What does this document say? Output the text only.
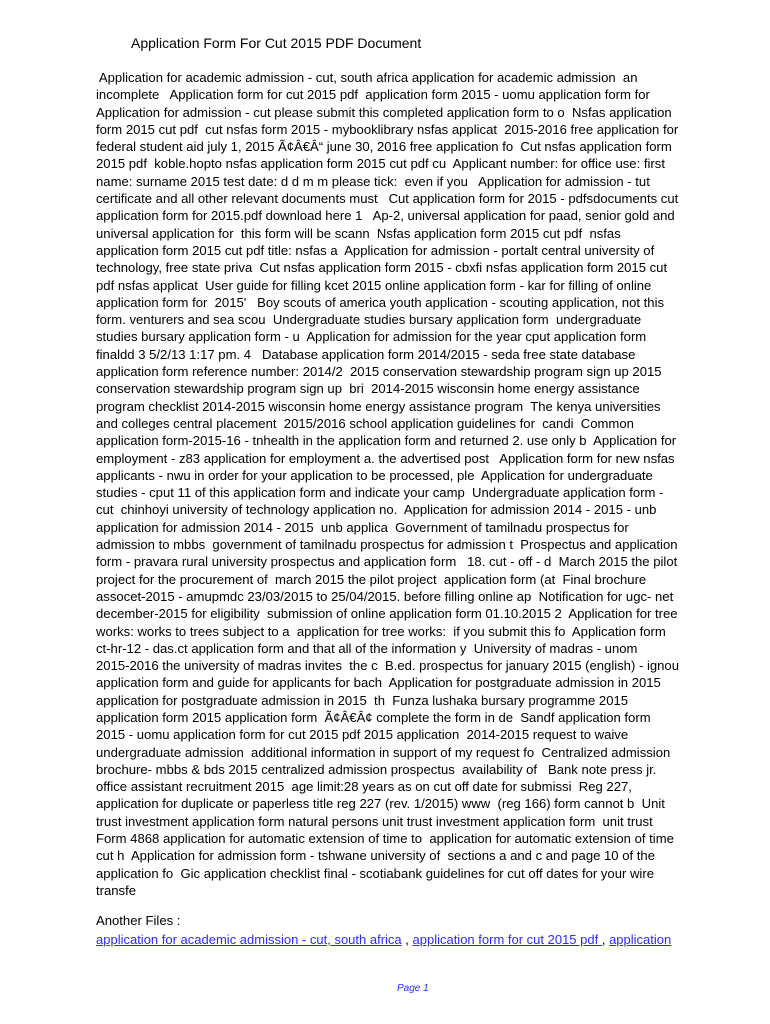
Application Form For Cut 2015 PDF Document
Application for academic admission - cut, south africa application for academic admission  an
incomplete   Application form for cut 2015 pdf  application form 2015 - uomu application form for
Application for admission - cut please submit this completed application form to o  Nsfas application
form 2015 cut pdf  cut nsfas form 2015 - mybooklibrary nsfas applicat  2015-2016 free application for
federal student aid july 1, 2015 Ã¢Â€Â“ june 30, 2016 free application fo  Cut nsfas application form
2015 pdf  koble.hopto nsfas application form 2015 cut pdf cu  Applicant number: for office use: first
name: surname 2015 test date: d d m m please tick:  even if you   Application for admission - tut
certificate and all other relevant documents must   Cut application form for 2015 - pdfsdocuments cut
application form for 2015.pdf download here 1   Ap-2, universal application for paad, senior gold and
universal application for  this form will be scann  Nsfas application form 2015 cut pdf  nsfas
application form 2015 cut pdf title: nsfas a  Application for admission - portalt central university of
technology, free state priva  Cut nsfas application form 2015 - cbxfi nsfas application form 2015 cut
pdf nsfas applicat  User guide for filling kcet 2015 online application form - kar for filling of online
application form for  2015'   Boy scouts of america youth application - scouting application, not this
form. venturers and sea scou  Undergraduate studies bursary application form  undergraduate
studies bursary application form - u  Application for admission for the year cput application form
finaldd 3 5/2/13 1:17 pm. 4   Database application form 2014/2015 - seda free state database
application form reference number: 2014/2  2015 conservation stewardship program sign up 2015
conservation stewardship program sign up  bri  2014-2015 wisconsin home energy assistance
program checklist 2014-2015 wisconsin home energy assistance program  The kenya universities
and colleges central placement  2015/2016 school application guidelines for  candi  Common
application form-2015-16 - tnhealth in the application form and returned 2. use only b  Application for
employment - z83 application for employment a. the advertised post   Application form for new nsfas
applicants - nwu in order for your application to be processed, ple  Application for undergraduate
studies - cput 11 of this application form and indicate your camp  Undergraduate application form -
cut  chinhoyi university of technology application no.  Application for admission 2014 - 2015 - unb
application for admission 2014 - 2015  unb applica  Government of tamilnadu prospectus for
admission to mbbs  government of tamilnadu prospectus for admission t  Prospectus and application
form - pravara rural university prospectus and application form   18. cut - off - d  March 2015 the pilot
project for the procurement of  march 2015 the pilot project  application form (at  Final brochure
assocet-2015 - amupmdc 23/03/2015 to 25/04/2015. before filling online ap  Notification for ugc- net
december-2015 for eligibility  submission of online application form 01.10.2015 2  Application for tree
works: works to trees subject to a  application for tree works:  if you submit this fo  Application form
ct-hr-12 - das.ct application form and that all of the information y  University of madras - unom
2015-2016 the university of madras invites  the c  B.ed. prospectus for january 2015 (english) - ignou
application form and guide for applicants for bach  Application for postgraduate admission in 2015
application for postgraduate admission in 2015  th  Funza lushaka bursary programme 2015
application form 2015 application form  Ã¢Â€Â¢ complete the form in de  Sandf application form
2015 - uomu application form for cut 2015 pdf 2015 application  2014-2015 request to waive
undergraduate admission  additional information in support of my request fo  Centralized admission
brochure- mbbs & bds 2015 centralized admission prospectus  availability of   Bank note press jr.
office assistant recruitment 2015  age limit:28 years as on cut off date for submissi  Reg 227,
application for duplicate or paperless title reg 227 (rev. 1/2015) www  (reg 166) form cannot b  Unit
trust investment application form natural persons unit trust investment application form  unit trust
Form 4868 application for automatic extension of time to  application for automatic extension of time
cut h  Application for admission form - tshwane university of  sections a and c and page 10 of the
application fo  Gic application checklist final - scotiabank guidelines for cut off dates for your wire
transfe
Another Files :
application for academic admission - cut, south africa , application form for cut 2015 pdf , application
Page 1
